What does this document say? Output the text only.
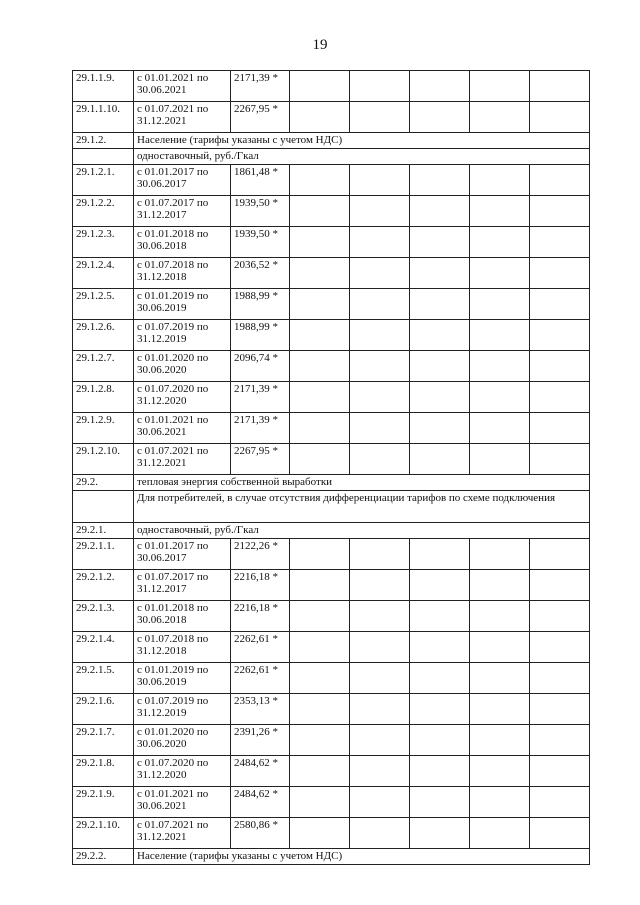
19
29.1.1.9.	с 01.01.2021 по 30.06.2021	2171,39 *					
29.1.1.10.	с 01.07.2021 по 31.12.2021	2267,95 *					
29.1.2.	Население (тарифы указаны с учетом НДС)						
	одноставочный, руб./Гкал						
29.1.2.1.	с 01.01.2017 по 30.06.2017	1861,48 *					
29.1.2.2.	с 01.07.2017 по 31.12.2017	1939,50 *					
29.1.2.3.	с 01.01.2018 по 30.06.2018	1939,50 *					
29.1.2.4.	с 01.07.2018 по 31.12.2018	2036,52 *					
29.1.2.5.	с 01.01.2019 по 30.06.2019	1988,99 *					
29.1.2.6.	с 01.07.2019 по 31.12.2019	1988,99 *					
29.1.2.7.	с 01.01.2020 по 30.06.2020	2096,74 *					
29.1.2.8.	с 01.07.2020 по 31.12.2020	2171,39 *					
29.1.2.9.	с 01.01.2021 по 30.06.2021	2171,39 *					
29.1.2.10.	с 01.07.2021 по 31.12.2021	2267,95 *					
29.2.	тепловая энергия собственной выработки						
	Для потребителей, в случае отсутствия дифференциации тарифов по схеме подключения						
29.2.1.	одноставочный, руб./Гкал						
29.2.1.1.	с 01.01.2017 по 30.06.2017	2122,26 *					
29.2.1.2.	с 01.07.2017 по 31.12.2017	2216,18 *					
29.2.1.3.	с 01.01.2018 по 30.06.2018	2216,18 *					
29.2.1.4.	с 01.07.2018 по 31.12.2018	2262,61 *					
29.2.1.5.	с 01.01.2019 по 30.06.2019	2262,61 *					
29.2.1.6.	с 01.07.2019 по 31.12.2019	2353,13 *					
29.2.1.7.	с 01.01.2020 по 30.06.2020	2391,26 *					
29.2.1.8.	с 01.07.2020 по 31.12.2020	2484,62 *					
29.2.1.9.	с 01.01.2021 по 30.06.2021	2484,62 *					
29.2.1.10.	с 01.07.2021 по 31.12.2021	2580,86 *					
29.2.2.	Население (тарифы указаны с учетом НДС)						
